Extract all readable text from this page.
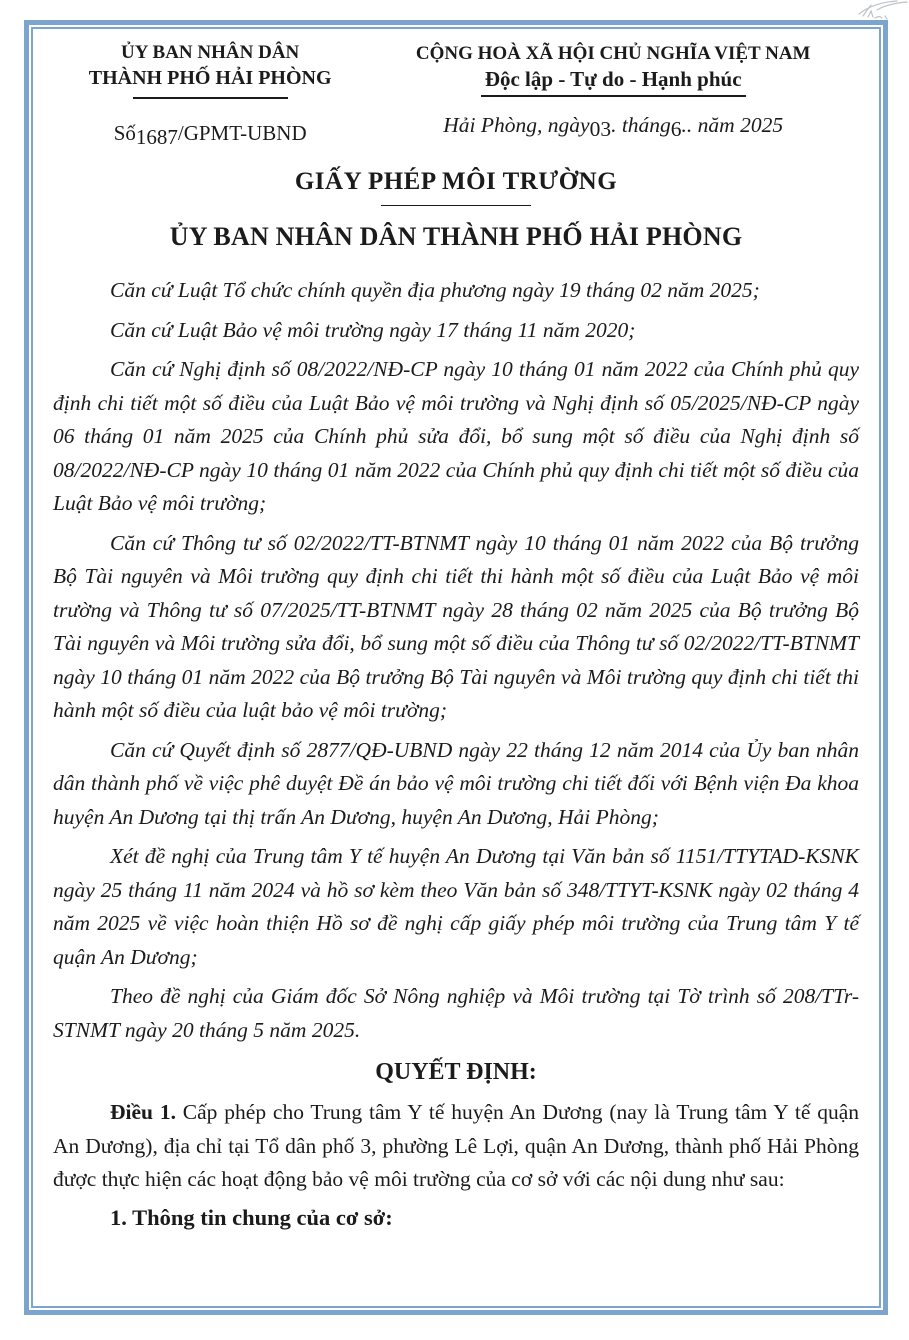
ỦY BAN NHÂN DÂN
THÀNH PHỐ HẢI PHÒNG
Số1687/GPMT-UBND
CỘNG HOÀ XÃ HỘI CHỦ NGHĨA VIỆT NAM
Độc lập - Tự do - Hạnh phúc
Hải Phòng, ngày03. tháng6.. năm 2025
GIẤY PHÉP MÔI TRƯỜNG
ỦY BAN NHÂN DÂN THÀNH PHỐ HẢI PHÒNG

Căn cứ Luật Tổ chức chính quyền địa phương ngày 19 tháng 02 năm 2025;

Căn cứ Luật Bảo vệ môi trường ngày 17 tháng 11 năm 2020;

Căn cứ Nghị định số 08/2022/NĐ-CP ngày 10 tháng 01 năm 2022 của Chính phủ quy định chi tiết một số điều của Luật Bảo vệ môi trường và Nghị định số 05/2025/NĐ-CP ngày 06 tháng 01 năm 2025 của Chính phủ sửa đổi, bổ sung một số điều của Nghị định số 08/2022/NĐ-CP ngày 10 tháng 01 năm 2022 của Chính phủ quy định chi tiết một số điều của Luật Bảo vệ môi trường;

Căn cứ Thông tư số 02/2022/TT-BTNMT ngày 10 tháng 01 năm 2022 của Bộ trưởng Bộ Tài nguyên và Môi trường quy định chi tiết thi hành một số điều của Luật Bảo vệ môi trường và Thông tư số 07/2025/TT-BTNMT ngày 28 tháng 02 năm 2025 của Bộ trưởng Bộ Tài nguyên và Môi trường sửa đổi, bổ sung một số điều của Thông tư số 02/2022/TT-BTNMT ngày 10 tháng 01 năm 2022 của Bộ trưởng Bộ Tài nguyên và Môi trường quy định chi tiết thi hành một số điều của luật bảo vệ môi trường;

Căn cứ Quyết định số 2877/QĐ-UBND ngày 22 tháng 12 năm 2014 của Ủy ban nhân dân thành phố về việc phê duyệt Đề án bảo vệ môi trường chi tiết đối với Bệnh viện Đa khoa huyện An Dương tại thị trấn An Dương, huyện An Dương, Hải Phòng;

Xét đề nghị của Trung tâm Y tế huyện An Dương tại Văn bản số 1151/TTYTAD-KSNK ngày 25 tháng 11 năm 2024 và hồ sơ kèm theo Văn bản số 348/TTYT-KSNK ngày 02 tháng 4 năm 2025 về việc hoàn thiện Hồ sơ đề nghị cấp giấy phép môi trường của Trung tâm Y tế quận An Dương;

Theo đề nghị của Giám đốc Sở Nông nghiệp và Môi trường tại Tờ trình số 208/TTr-STNMT ngày 20 tháng 5 năm 2025.

QUYẾT ĐỊNH:

Điều 1. Cấp phép cho Trung tâm Y tế huyện An Dương (nay là Trung tâm Y tế quận An Dương), địa chỉ tại Tổ dân phố 3, phường Lê Lợi, quận An Dương, thành phố Hải Phòng được thực hiện các hoạt động bảo vệ môi trường của cơ sở với các nội dung như sau:

1. Thông tin chung của cơ sở:
